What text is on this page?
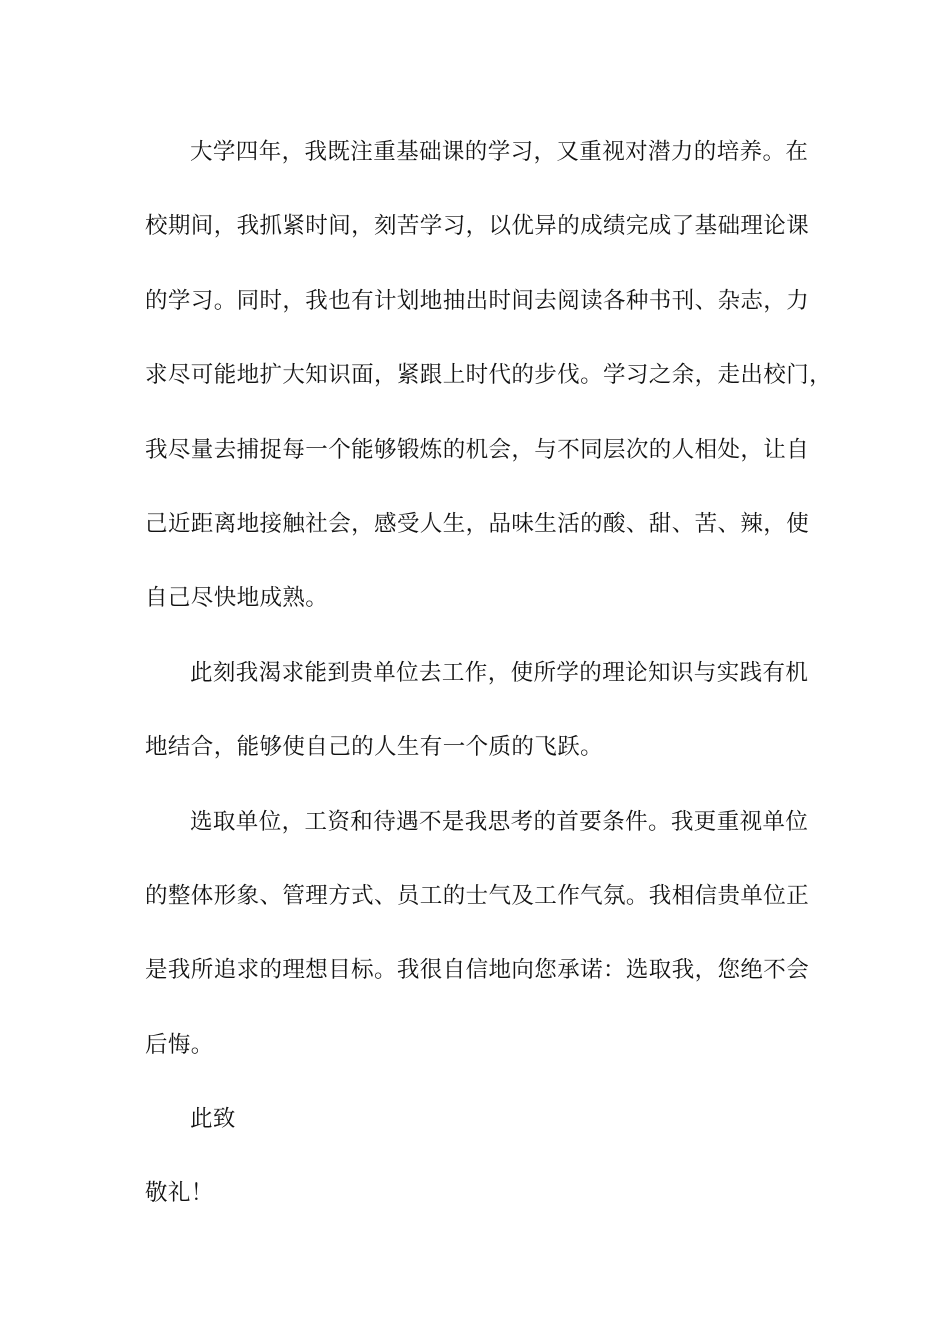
大学四年，我既注重基础课的学习，又重视对潜力的培养。在
校期间，我抓紧时间，刻苦学习，以优异的成绩完成了基础理论课
的学习。同时，我也有计划地抽出时间去阅读各种书刊、杂志，力
求尽可能地扩大知识面，紧跟上时代的步伐。学习之余，走出校门，
我尽量去捕捉每一个能够锻炼的机会，与不同层次的人相处，让自
己近距离地接触社会，感受人生，品味生活的酸、甜、苦、辣，使
自己尽快地成熟。
此刻我渴求能到贵单位去工作，使所学的理论知识与实践有机
地结合，能够使自己的人生有一个质的飞跃。
选取单位，工资和待遇不是我思考的首要条件。我更重视单位
的整体形象、管理方式、员工的士气及工作气氛。我相信贵单位正
是我所追求的理想目标。我很自信地向您承诺：选取我，您绝不会
后悔。
此致
敬礼！
